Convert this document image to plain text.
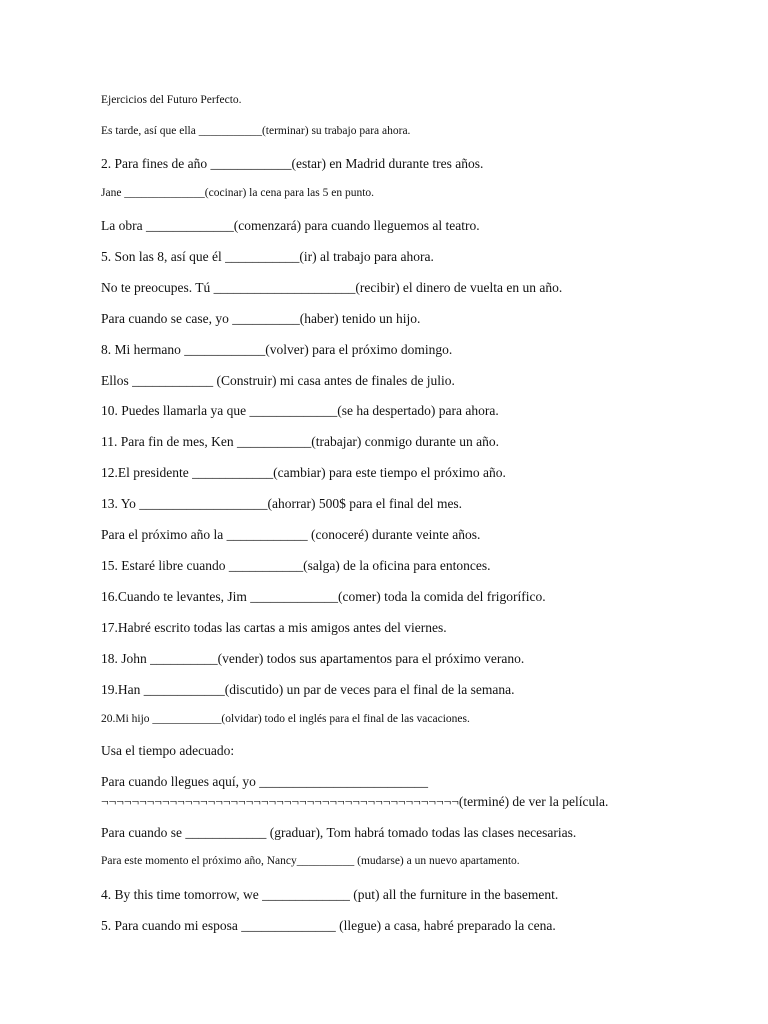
Ejercicios del Futuro Perfecto.
Es tarde, así que ella ___________(terminar) su trabajo para ahora.
2. Para fines de año ____________(estar) en Madrid durante tres años.
Jane ______________(cocinar) la cena para las 5 en punto.
La obra _____________(comenzará) para cuando lleguemos al teatro.
5. Son las 8, así que él ___________(ir) al trabajo para ahora.
No te preocupes. Tú _____________________(recibir) el dinero de vuelta en un año.
Para cuando se case, yo __________(haber) tenido un hijo.
8. Mi hermano ____________(volver) para el próximo domingo.
Ellos ____________ (Construir) mi casa antes de finales de julio.
10. Puedes llamarla ya que _____________(se ha despertado) para ahora.
11. Para fin de mes, Ken ___________(trabajar) conmigo durante un año.
12.El presidente ____________(cambiar) para este tiempo el próximo año.
13. Yo ___________________(ahorrar) 500$ para el final del mes.
Para el próximo año la ____________ (conoceré) durante veinte años.
15. Estaré libre cuando ___________(salga) de la oficina para entonces.
16.Cuando te levantes, Jim _____________(comer) toda la comida del frigorífico.
17.Habré escrito todas las cartas a mis amigos antes del viernes.
18. John __________(vender) todos sus apartamentos para el próximo verano.
19.Han ____________(discutido) un par de veces para el final de la semana.
20.Mi hijo ____________(olvidar) todo el inglés para el final de las vacaciones.
Usa el tiempo adecuado:
Para cuando llegues aquí, yo _________________________
¬¬¬¬¬¬¬¬¬¬¬¬¬¬¬¬¬¬¬¬¬¬¬¬¬¬¬¬¬¬¬¬¬¬¬¬¬¬¬¬¬¬¬¬¬¬¬(terminé) de ver la película.
Para cuando se ____________ (graduar), Tom habrá tomado todas las clases necesarias.
Para este momento el próximo año, Nancy__________ (mudarse) a un nuevo apartamento.
4. By this time tomorrow, we _____________ (put) all the furniture in the basement.
5. Para cuando mi esposa ______________ (llegue) a casa, habré preparado la cena.
